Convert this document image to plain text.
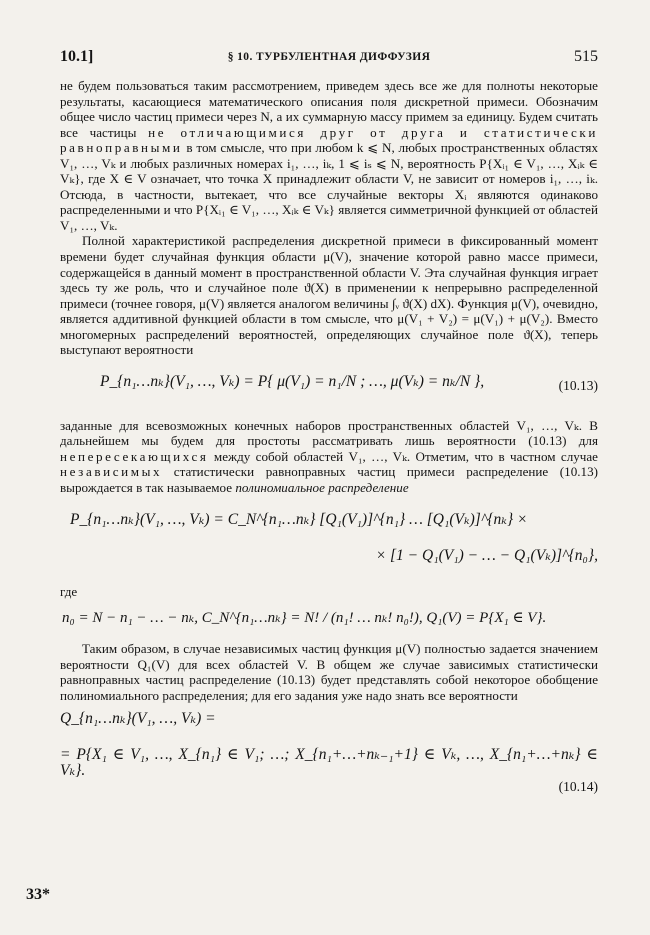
10.1]	§ 10. ТУРБУЛЕНТНАЯ ДИФФУЗИЯ	515

не будем пользоваться таким рассмотрением, приведем здесь все же для полноты некоторые результаты, касающиеся математического описания поля дискретной примеси. Обозначим общее число частиц примеси через N, а их суммарную массу примем за единицу. Будем считать все частицы не отличающимися друг от друга и статистически равноправными в том смысле, что при любом k ⩽ N, любых пространственных областях V₁, …, Vₖ и любых различных номерах i₁, …, iₖ, 1 ⩽ iₛ ⩽ N, вероятность P{Xᵢ₁ ∈ V₁, …, Xᵢₖ ∈ Vₖ}, где X ∈ V означает, что точка X принадлежит области V, не зависит от номеров i₁, …, iₖ. Отсюда, в частности, вытекает, что все случайные векторы Xᵢ являются одинаково распределенными и что P{Xᵢ₁ ∈ V₁, …, Xᵢₖ ∈ Vₖ} является симметричной функцией от областей V₁, …, Vₖ.

Полной характеристикой распределения дискретной примеси в фиксированный момент времени будет случайная функция области μ(V), значение которой равно массе примеси, содержащейся в данный момент в пространственной области V. Эта случайная функция играет здесь ту же роль, что и случайное поле ϑ(X) в применении к непрерывно распределенной примеси (точнее говоря, μ(V) является аналогом величины ∫ᵥ ϑ(X) dX). Функция μ(V), очевидно, является аддитивной функцией области в том смысле, что μ(V₁ + V₂) = μ(V₁) + μ(V₂). Вместо многомерных распределений вероятностей, определяющих случайное поле ϑ(X), теперь выступают вероятности

P_{n₁…nₖ}(V₁, …, Vₖ) = P{ μ(V₁) = n₁/N ; …, μ(Vₖ) = nₖ/N },	(10.13)

заданные для всевозможных конечных наборов пространственных областей V₁, …, Vₖ. В дальнейшем мы будем для простоты рассматривать лишь вероятности (10.13) для непересекающихся между собой областей V₁, …, Vₖ. Отметим, что в частном случае независимых статистически равноправных частиц примеси распределение (10.13) вырождается в так называемое полиномиальное распределение

P_{n₁…nₖ}(V₁, …, Vₖ) = C_N^{n₁…nₖ} [Q₁(V₁)]^{n₁} … [Q₁(Vₖ)]^{nₖ} ×
× [1 − Q₁(V₁) − … − Q₁(Vₖ)]^{n₀},

где

n₀ = N − n₁ − … − nₖ, C_N^{n₁…nₖ} = N! / (n₁! … nₖ! n₀!), Q₁(V) = P{X₁ ∈ V}.

Таким образом, в случае независимых частиц функция μ(V) полностью задается значением вероятности Q₁(V) для всех областей V. В общем же случае зависимых статистически равноправных частиц распределение (10.13) будет представлять собой некоторое обобщение полиномиального распределения; для его задания уже надо знать все вероятности

Q_{n₁…nₖ}(V₁, …, Vₖ) =
= P{X₁ ∈ V₁, …, X_{n₁} ∈ V₁; …; X_{n₁+…+nₖ₋₁+1} ∈ Vₖ, …, X_{n₁+…+nₖ} ∈ Vₖ}.
(10.14)
33*
